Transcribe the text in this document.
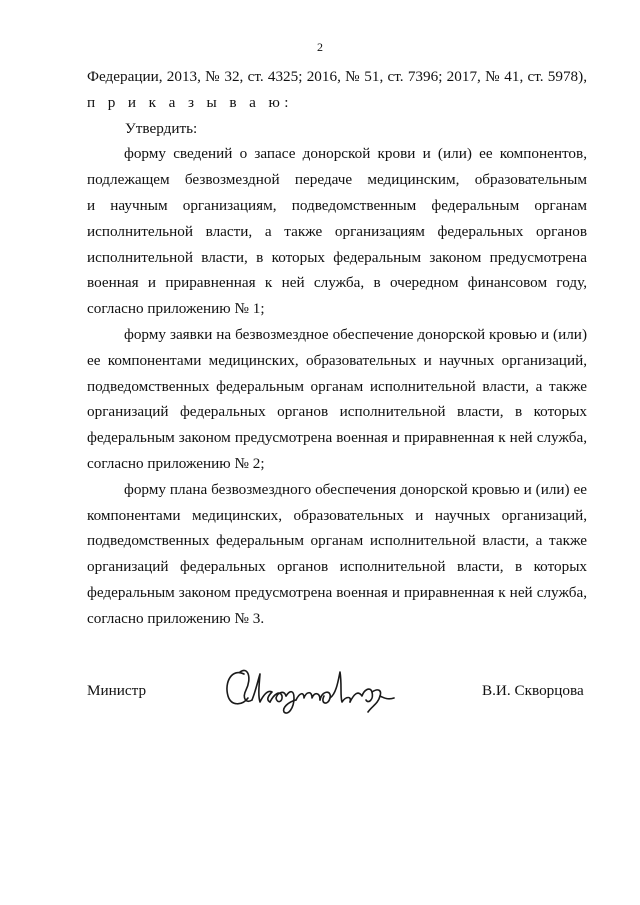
2
Федерации, 2013, № 32, ст. 4325; 2016, № 51, ст. 7396; 2017, № 41, ст. 5978),
п р и к а з ы в а ю:
Утвердить:
форму сведений о запасе донорской крови и (или) ее компонентов,
подлежащем безвозмездной передаче медицинским, образовательным
и научным организациям, подведомственным федеральным органам
исполнительной власти, а также организациям федеральных органов
исполнительной власти, в которых федеральным законом предусмотрена
военная и приравненная к ней служба, в очередном финансовом году,
согласно приложению № 1;
форму заявки на безвозмездное обеспечение донорской кровью и (или)
ее компонентами медицинских, образовательных и научных организаций,
подведомственных федеральным органам исполнительной власти, а также
организаций федеральных органов исполнительной власти, в которых
федеральным законом предусмотрена военная и приравненная к ней служба,
согласно приложению № 2;
форму плана безвозмездного обеспечения донорской кровью и (или) ее
компонентами медицинских, образовательных и научных организаций,
подведомственных федеральным органам исполнительной власти, а также
организаций федеральных органов исполнительной власти, в которых
федеральным законом предусмотрена военная и приравненная к ней служба,
согласно приложению № 3.
Министр	В.И. Скворцова
